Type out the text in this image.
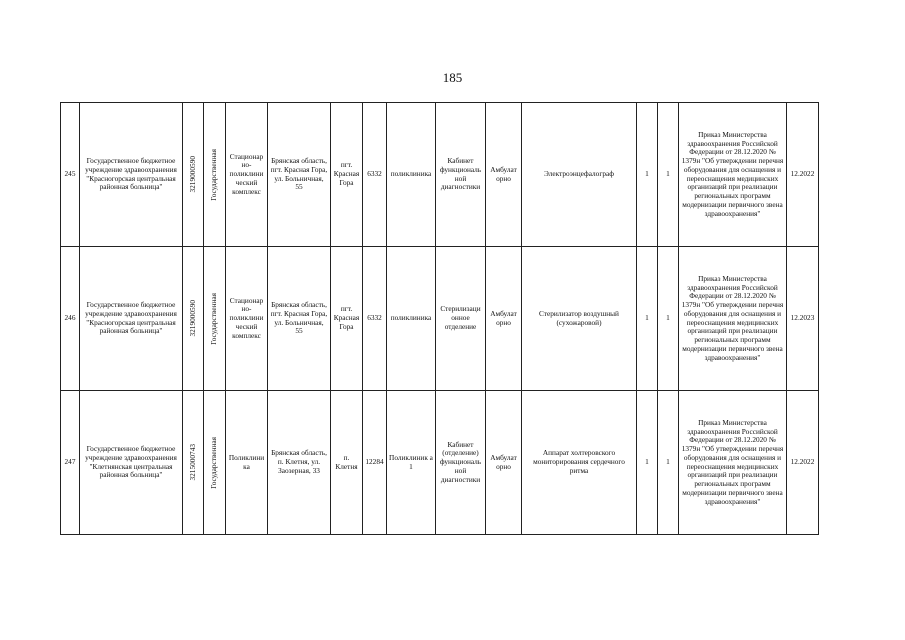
185
245	Государственное бюджетное учреждение здравоохранения "Красногорская центральная районная больница"	3219000590	Государственная	Стационар но-поликлини ческий комплекс	Брянская область, пгт. Красная Гора, ул. Больничная, 55	пгт. Красная Гора	6332	поликлиника	Кабинет функциональ ной диагностики	Амбулат орно	Электроэнцефалограф	1	1	Приказ Министерства здравоохранения Российской Федерации от 28.12.2020 № 1379н "Об утверждении перечня оборудования для оснащения и переоснащения медицинских организаций при реализации региональных программ модернизации первичного звена здравоохранения"	12.2022
246	Государственное бюджетное учреждение здравоохранения "Красногорская центральная районная больница"	3219000590	Государственная	Стационар но-поликлини ческий комплекс	Брянская область, пгт. Красная Гора, ул. Больничная, 55	пгт. Красная Гора	6332	поликлиника	Стерилизаци онное отделение	Амбулат орно	Стерилизатор воздушный (сухожаровой)	1	1	Приказ Министерства здравоохранения Российской Федерации от 28.12.2020 № 1379н "Об утверждении перечня оборудования для оснащения и переоснащения медицинских организаций при реализации региональных программ модернизации первичного звена здравоохранения"	12.2023
247	Государственное бюджетное учреждение здравоохранения "Клетнянская центральная районная больница"	3215000743	Государственная	Поликлини ка	Брянская область, п. Клетня, ул. Заозерная, 33	п. Клетня	12284	Поликлиник а 1	Кабинет (отделение) функциональ ной диагностики	Амбулат орно	Аппарат холтеровского мониторирования сердечного ритма	1	1	Приказ Министерства здравоохранения Российской Федерации от 28.12.2020 № 1379н "Об утверждении перечня оборудования для оснащения и переоснащения медицинских организаций при реализации региональных программ модернизации первичного звена здравоохранения"	12.2022
